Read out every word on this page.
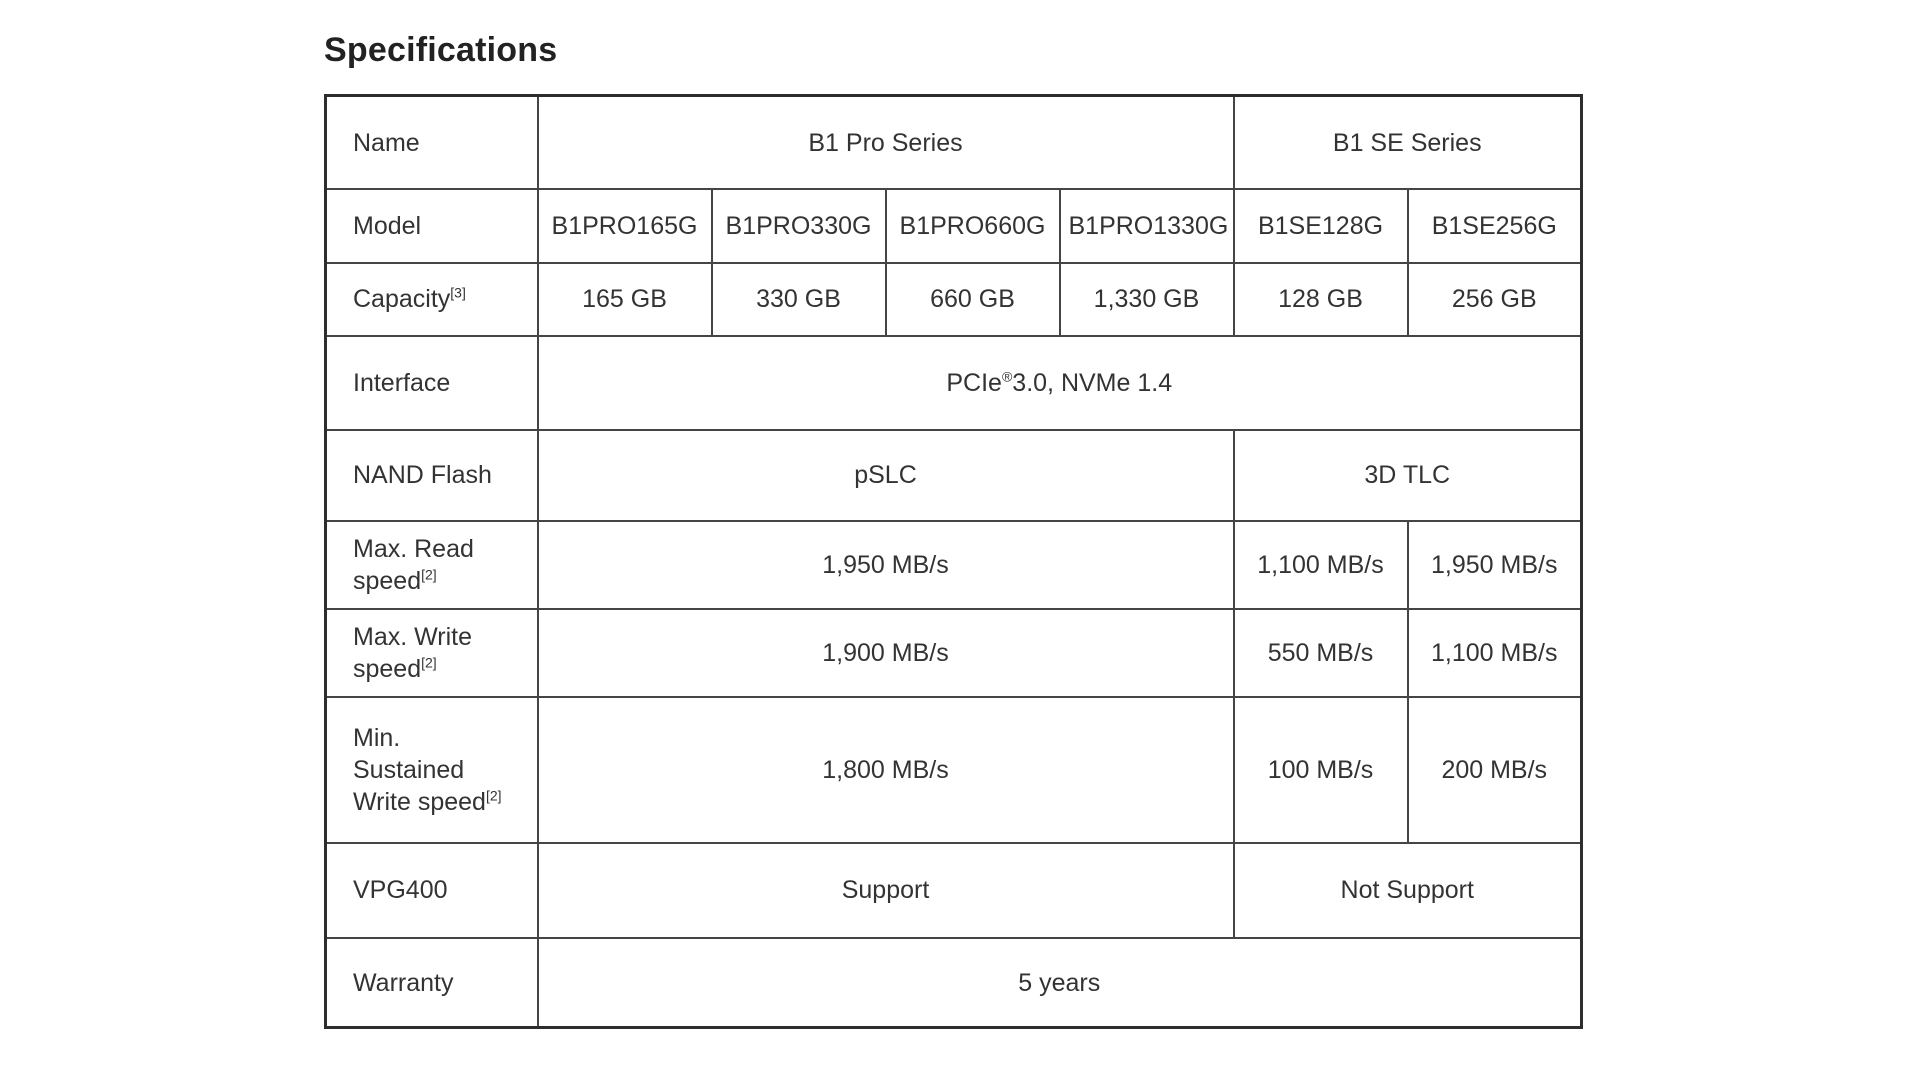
Specifications
Name	B1 Pro Series				B1 SE Series	
Model	B1PRO165G	B1PRO330G	B1PRO660G	B1PRO1330G	B1SE128G	B1SE256G
Capacity[3]	165 GB	330 GB	660 GB	1,330 GB	128 GB	256 GB
Interface	PCIe®3.0, NVMe 1.4					
NAND Flash	pSLC				3D TLC	
Max. Read speed[2]	1,950 MB/s				1,100 MB/s	1,950 MB/s
Max. Write speed[2]	1,900 MB/s				550 MB/s	1,100 MB/s
Min. Sustained Write speed[2]	1,800 MB/s				100 MB/s	200 MB/s
VPG400	Support				Not Support	
Warranty	5 years					
